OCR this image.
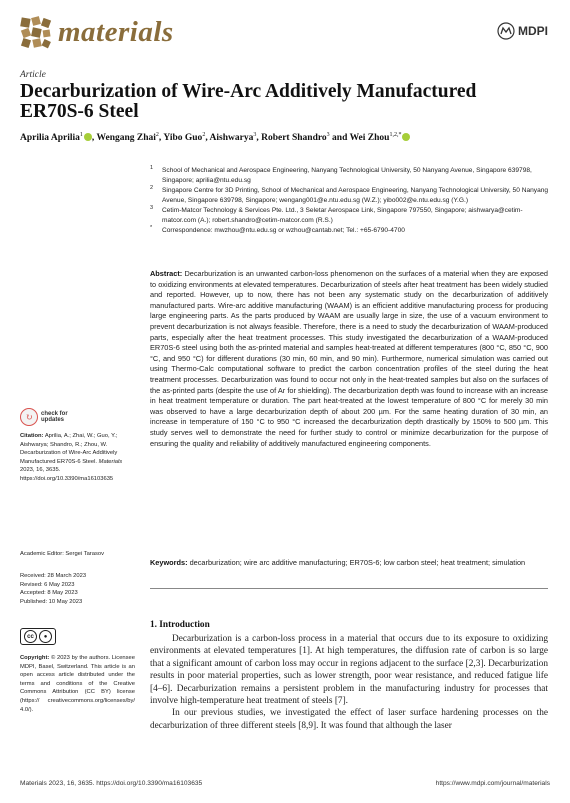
materials	MDPI
Article
Decarburization of Wire-Arc Additively Manufactured ER70S-6 Steel
Aprilia Aprilia$^1$ , Wengang Zhai$^2$, Yibo Guo$^2$, Aishwarya$^3$, Robert Shandro$^3$ and Wei Zhou$^{1,2,*}$
1 School of Mechanical and Aerospace Engineering, Nanyang Technological University, 50 Nanyang Avenue, Singapore 639798, Singapore; aprilia@ntu.edu.sg
2 Singapore Centre for 3D Printing, School of Mechanical and Aerospace Engineering, Nanyang Technological University, 50 Nanyang Avenue, Singapore 639798, Singapore; wengang001@e.ntu.edu.sg (W.Z.); yibo002@e.ntu.edu.sg (Y.G.)
3 Cetim-Matcor Technology & Services Pte. Ltd., 3 Seletar Aerospace Link, Singapore 797550, Singapore; aishwarya@cetim-matcor.com (A.); robert.shandro@cetim-matcor.com (R.S.)
* Correspondence: mwzhou@ntu.edu.sg or wzhou@cantab.net; Tel.: +65-6790-4700
↻	check for
updates
Citation: Aprilia, A.; Zhai, W.; Guo, Y.; Aishwarya; Shandro, R.; Zhou, W. Decarburization of Wire-Arc Additively Manufactured ER70S-6 Steel. Materials 2023, 16, 3635. https://doi.org/10.3390/ma16103635
Academic Editor: Sergei Tarasov
Received: 28 March 2023
Revised: 6 May 2023
Accepted: 8 May 2023
Published: 10 May 2023
cc	●
Copyright: © 2023 by the authors. Licensee MDPI, Basel, Switzerland. This article is an open access article distributed under the terms and conditions of the Creative Commons Attribution (CC BY) license (https:// creativecommons.org/licenses/by/ 4.0/).
Abstract: Decarburization is an unwanted carbon-loss phenomenon on the surfaces of a material when they are exposed to oxidizing environments at elevated temperatures. Decarburization of steels after heat treatment has been widely studied and reported. However, up to now, there has not been any systematic study on the decarburization of additively manufactured parts. Wire-arc additive manufacturing (WAAM) is an efficient additive manufacturing process for producing large engineering parts. As the parts produced by WAAM are usually large in size, the use of a vacuum environment to prevent decarburization is not always feasible. Therefore, there is a need to study the decarburization of WAAM-produced parts, especially after the heat treatment processes. This study investigated the decarburization of a WAAM-produced ER70S-6 steel using both the as-printed material and samples heat-treated at different temperatures (800 °C, 850 °C, 900 °C, and 950 °C) for different durations (30 min, 60 min, and 90 min). Furthermore, numerical simulation was carried out using Thermo-Calc computational software to predict the carbon concentration profiles of the steel during the heat treatment processes. Decarburization was found to occur not only in the heat-treated samples but also on the surfaces of the as-printed parts (despite the use of Ar for shielding). The decarburization depth was found to increase with an increase in heat treatment temperature or duration. The part heat-treated at the lowest temperature of 800 °C for merely 30 min was observed to have a large decarburization depth of about 200 µm. For the same heating duration of 30 min, an increase in temperature of 150 °C to 950 °C increased the decarburization depth drastically by 150% to 500 µm. This study serves well to demonstrate the need for further study to control or minimize decarburization for the purpose of ensuring the quality and reliability of additively manufactured engineering components.
Keywords: decarburization; wire arc additive manufacturing; ER70S-6; low carbon steel; heat treatment; simulation
1. Introduction

Decarburization is a carbon-loss process in a material that occurs due to its exposure to oxidizing environments at elevated temperatures [1]. At high temperatures, the diffusion rate of carbon is so large that a significant amount of carbon loss may occur in regions adjacent to the surface [2,3]. Decarburization results in poor material properties, such as lower strength, poor wear resistance, and reduced fatigue life [4–6]. Decarburization remains a persistent problem in the manufacturing industry for processes that involve high-temperature heat treatment of steels [7].

In our previous studies, we investigated the effect of laser surface hardening processes on the decarburization of three different steels [8,9]. It was found that although the laser

Materials 2023, 16, 3635. https://doi.org/10.3390/ma16103635	https://www.mdpi.com/journal/materials
